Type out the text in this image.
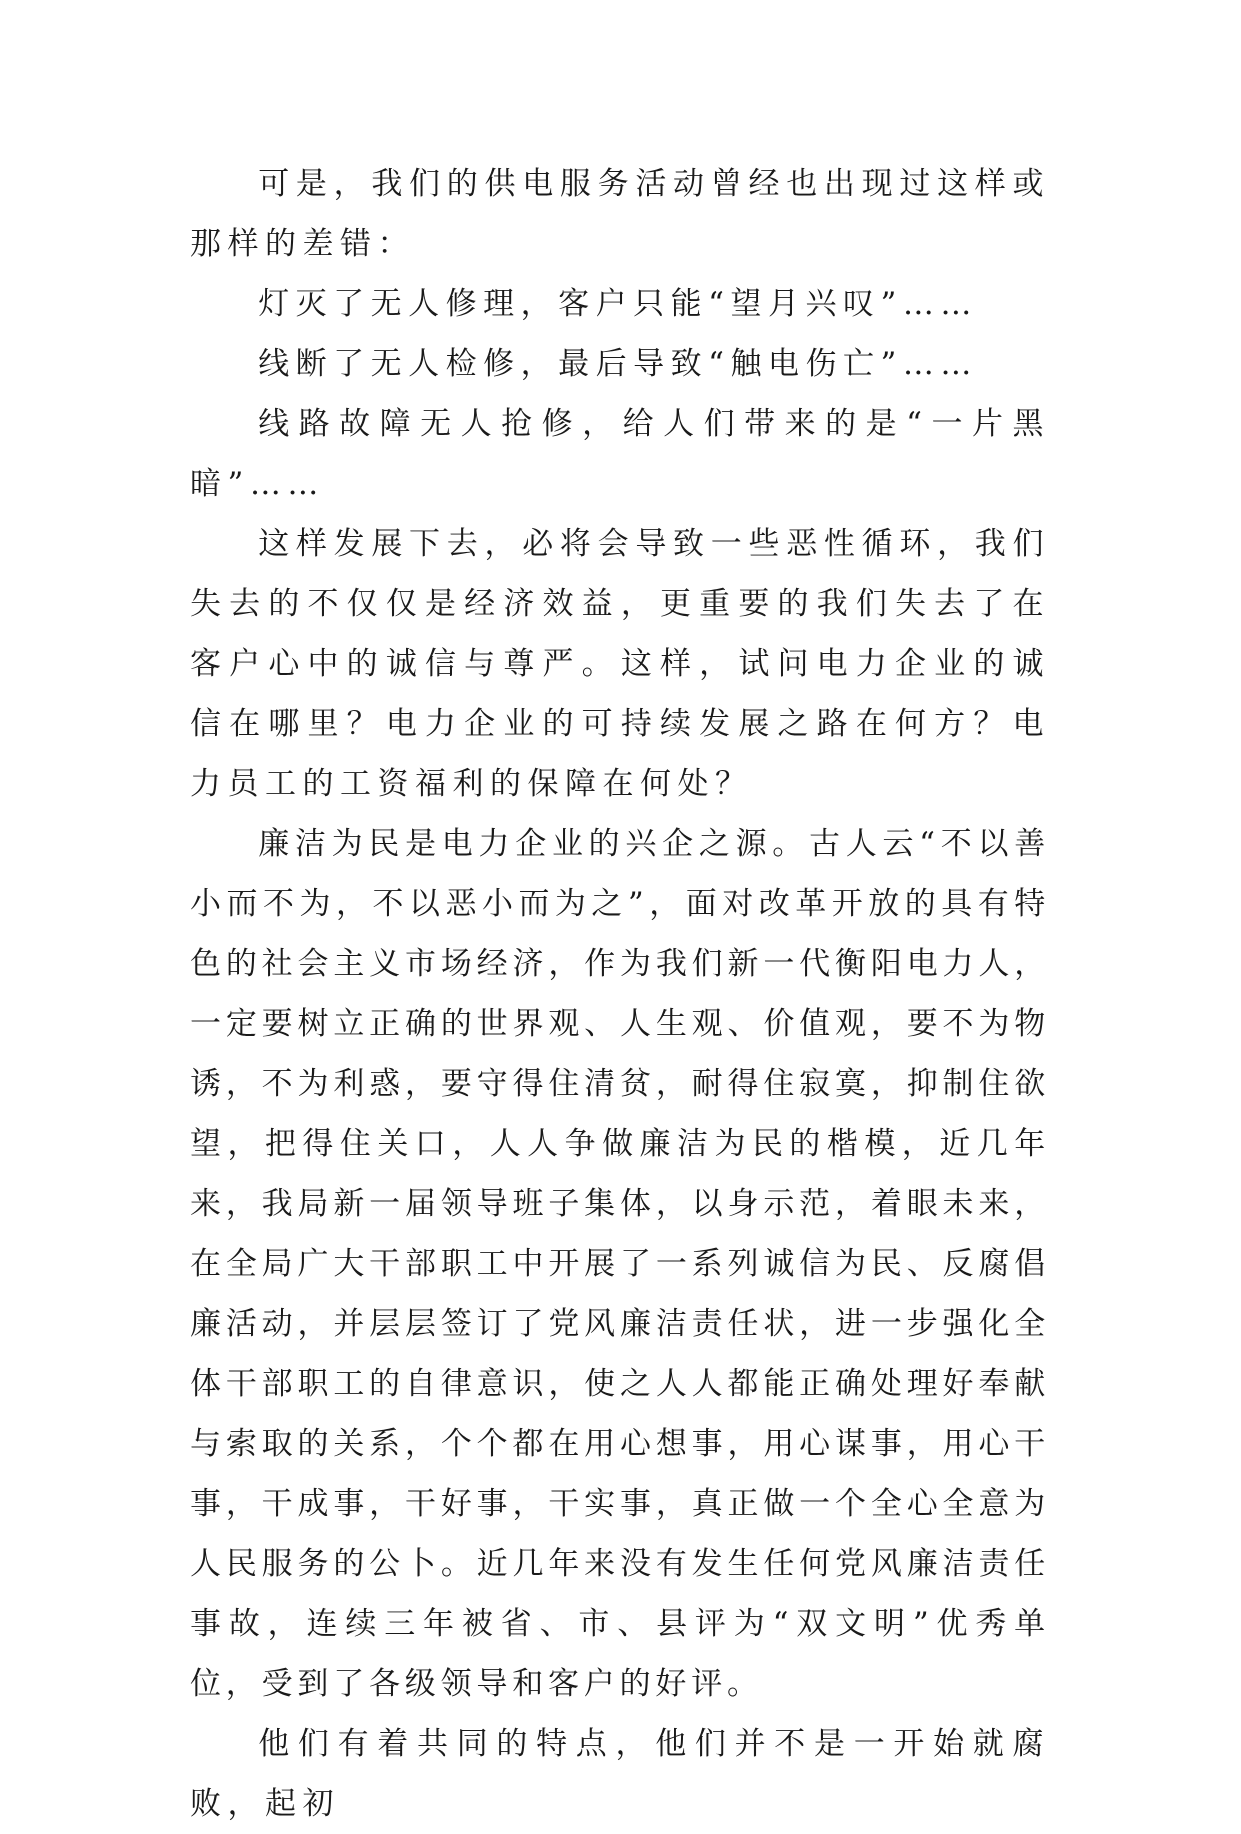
可是，我们的供电服务活动曾经也出现过这样或那样的差错：

灯灭了无人修理，客户只能“望月兴叹”……

线断了无人检修，最后导致“触电伤亡”……

线路故障无人抢修，给人们带来的是“一片黑暗”……

这样发展下去，必将会导致一些恶性循环，我们失去的不仅仅是经济效益，更重要的我们失去了在客户心中的诚信与尊严。这样，试问电力企业的诚信在哪里？电力企业的可持续发展之路在何方？电力员工的工资福利的保障在何处？

廉洁为民是电力企业的兴企之源。古人云“不以善小而不为，不以恶小而为之”，面对改革开放的具有特色的社会主义市场经济，作为我们新一代衡阳电力人，一定要树立正确的世界观、人生观、价值观，要不为物诱，不为利惑，要守得住清贫，耐得住寂寞，抑制住欲望，把得住关口，人人争做廉洁为民的楷模，近几年来，我局新一届领导班子集体，以身示范，着眼未来，在全局广大干部职工中开展了一系列诚信为民、反腐倡廉活动，并层层签订了党风廉洁责任状，进一步强化全体干部职工的自律意识，使之人人都能正确处理好奉献与索取的关系，个个都在用心想事，用心谋事，用心干事，干成事，干好事，干实事，真正做一个全心全意为人民服务的公卜。近几年来没有发生任何党风廉洁责任事故，连续三年被省、市、县评为“双文明”优秀单位，受到了各级领导和客户的好评。

他们有着共同的特点，他们并不是一开始就腐败，起初
